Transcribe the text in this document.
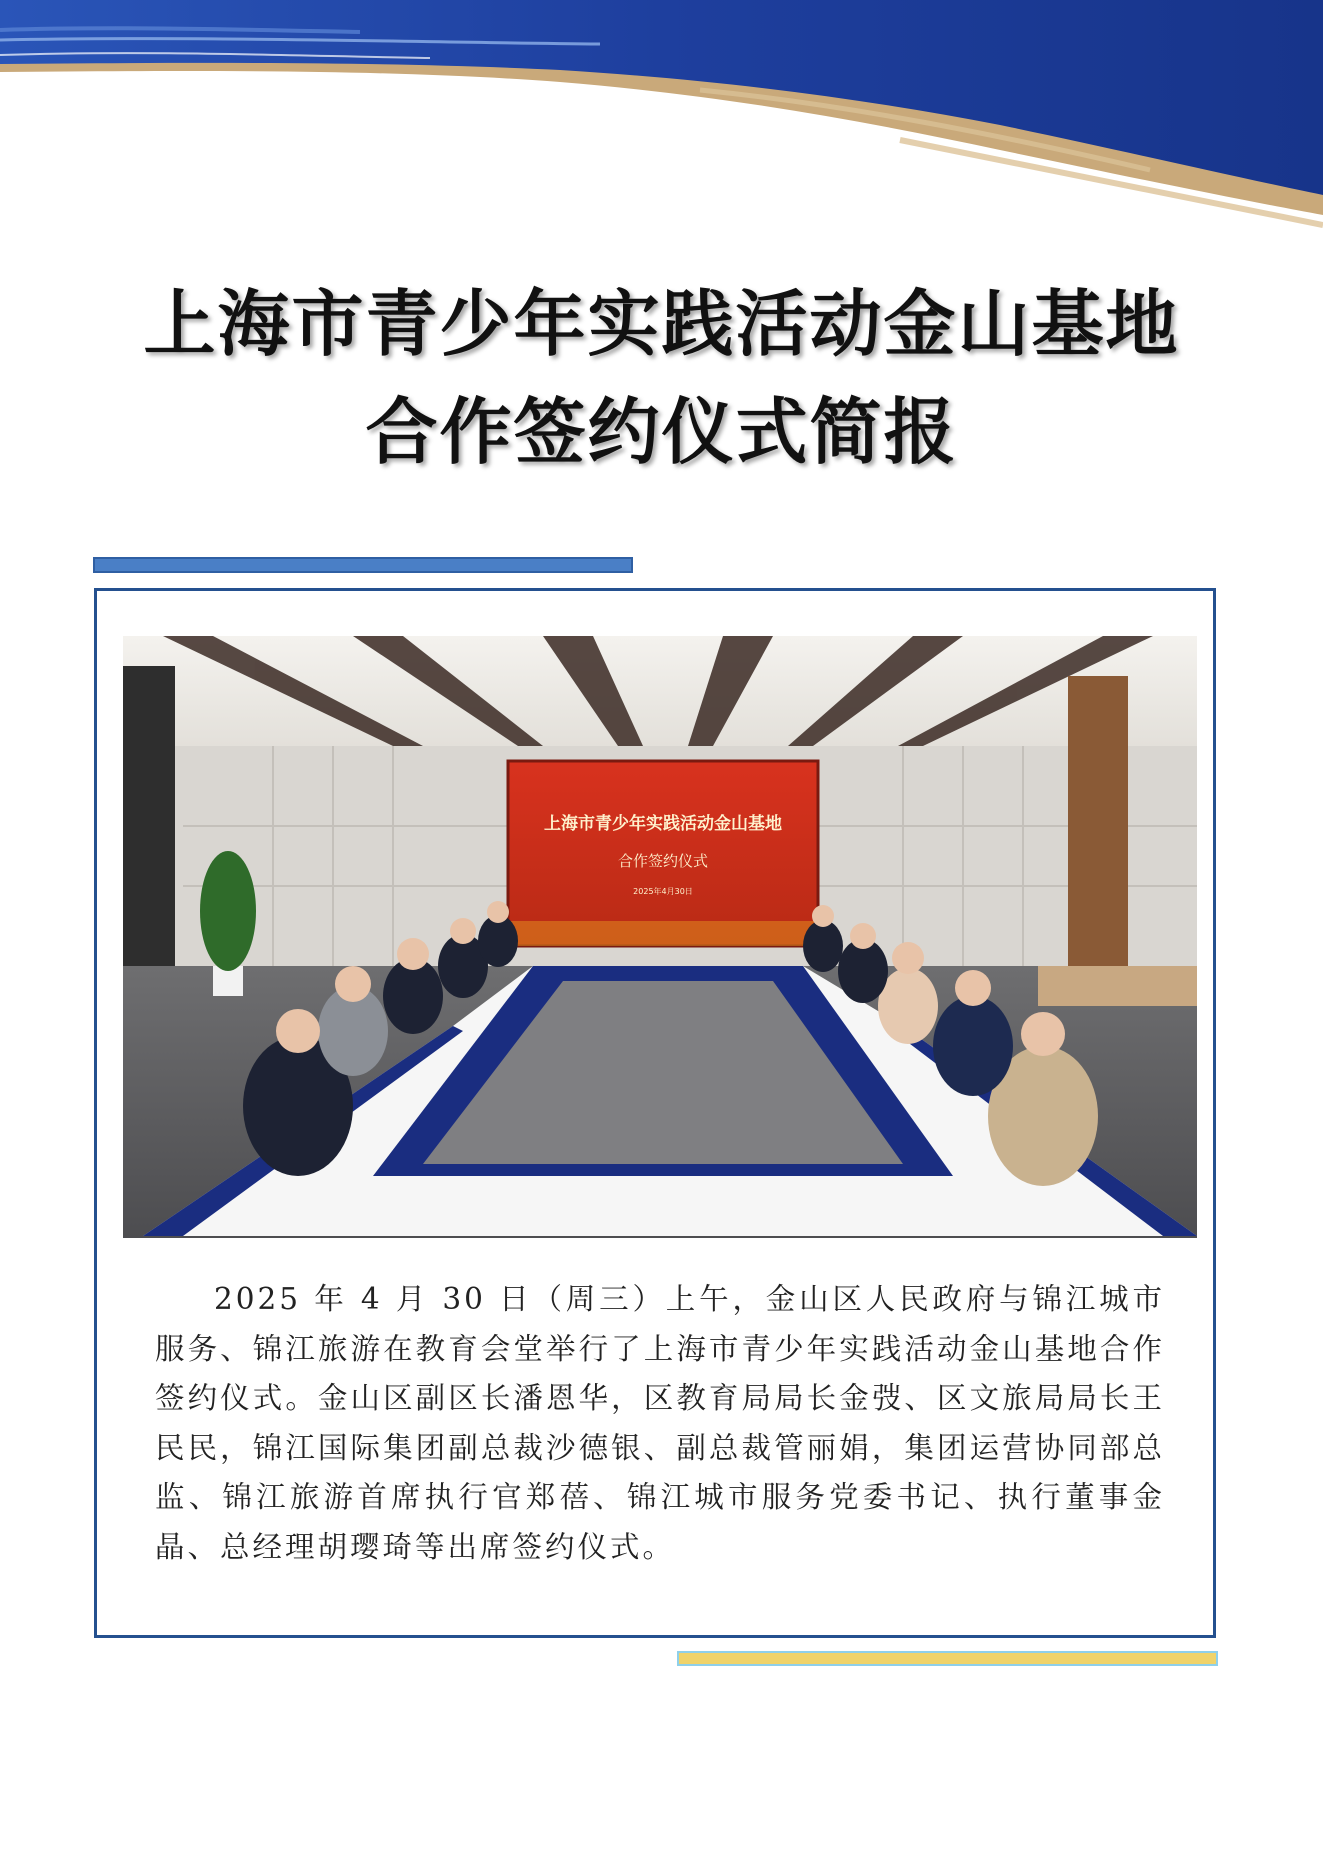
上海市青少年实践活动金山基地
合作签约仪式简报
上海市青少年实践活动金山基地
合作签约仪式
2025年4月30日

2025 年 4 月 30 日（周三）上午，金山区人民政府与锦江城市服务、锦江旅游在教育会堂举行了上海市青少年实践活动金山基地合作签约仪式。金山区副区长潘恩华，区教育局局长金弢、区文旅局局长王民民，锦江国际集团副总裁沙德银、副总裁管丽娟，集团运营协同部总监、锦江旅游首席执行官郑蓓、锦江城市服务党委书记、执行董事金晶、总经理胡璎琦等出席签约仪式。
